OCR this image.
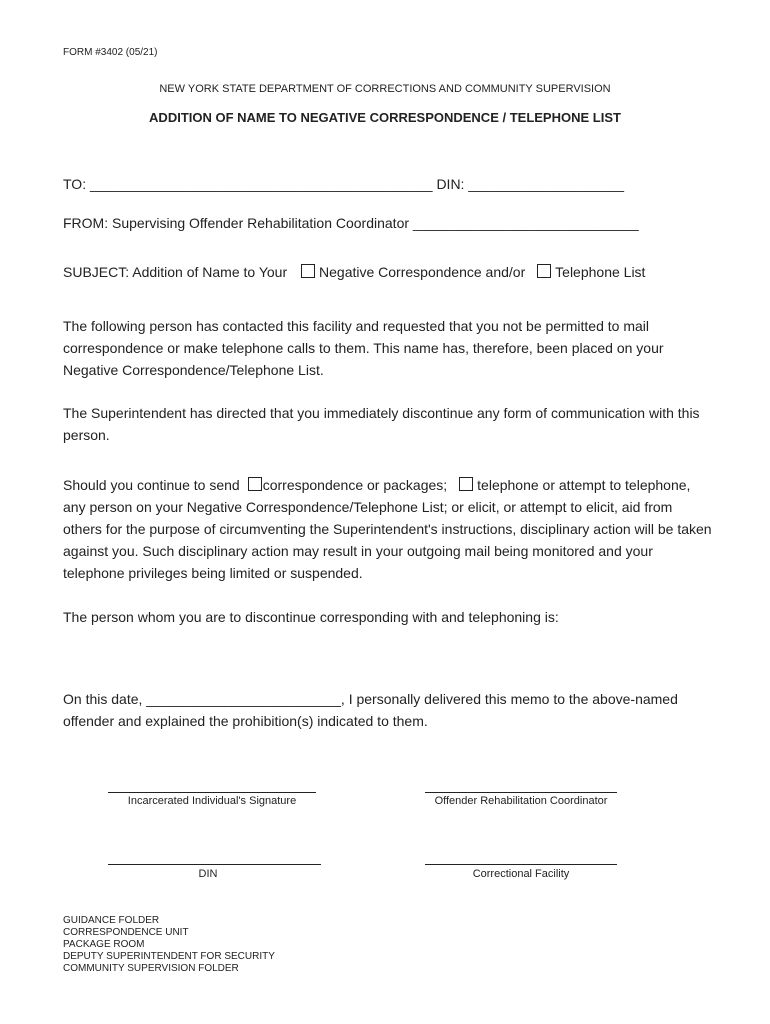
FORM #3402 (05/21)
NEW YORK STATE DEPARTMENT OF CORRECTIONS AND COMMUNITY SUPERVISION
ADDITION OF NAME TO NEGATIVE CORRESPONDENCE / TELEPHONE LIST
TO: ____________________________________________ DIN: ____________________
FROM: Supervising Offender Rehabilitation Coordinator _____________________________
SUBJECT: Addition of Name to Your Negative Correspondence and/or Telephone List
The following person has contacted this facility and requested that you not be permitted to mail correspondence or make telephone calls to them. This name has, therefore, been placed on your Negative Correspondence/Telephone List.
The Superintendent has directed that you immediately discontinue any form of communication with this person.
Should you continue to send correspondence or packages; telephone or attempt to telephone,
any person on your Negative Correspondence/Telephone List; or elicit, or attempt to elicit, aid from others for the purpose of circumventing the Superintendent's instructions, disciplinary action will be taken against you. Such disciplinary action may result in your outgoing mail being monitored and your telephone privileges being limited or suspended.
The person whom you are to discontinue corresponding with and telephoning is:
On this date, _________________________, I personally delivered this memo to the above-named offender and explained the prohibition(s) indicated to them.
Incarcerated Individual's Signature	Offender Rehabilitation Coordinator
DIN	Correctional Facility
GUIDANCE FOLDER
CORRESPONDENCE UNIT
PACKAGE ROOM
DEPUTY SUPERINTENDENT FOR SECURITY
COMMUNITY SUPERVISION FOLDER
